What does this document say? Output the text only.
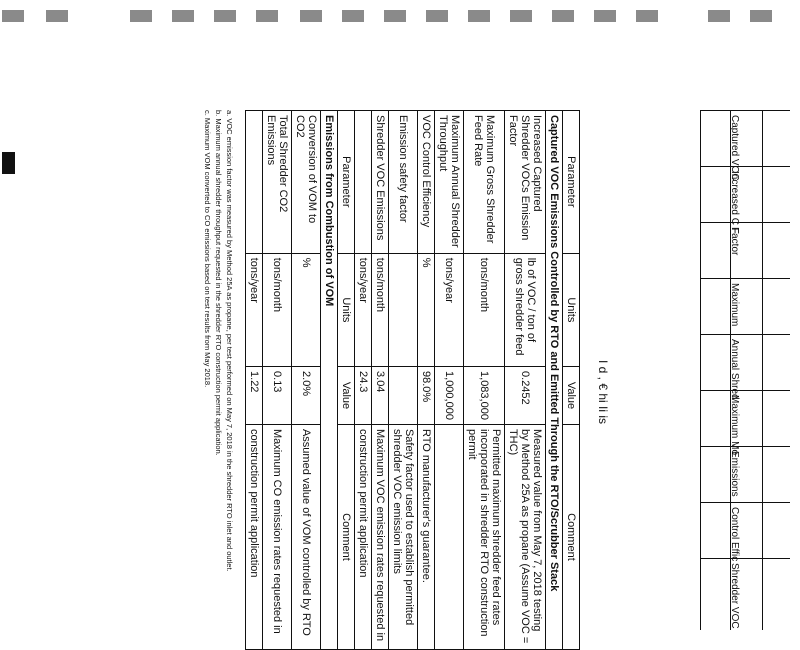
I d , € hi Ii is
Parameter	Units	Value	Comment
Captured VOC Emissions Controlled by RTO and Emitted Through the RTO/Scrubber Stack			
Increased Captured Shredder VOCs Emission Factor	lb of VOC / ton of gross shredder feed	0.2452	Measured value from May 7, 2018 testing by Method 25A as propane (Assume VOC = THC)
Maximum Gross Shredder Feed Rate	tons/month	1,083,000	Permitted maximum shredder feed rates incorporated in shredder RTO construction permit
Maximum Annual Shredder Throughput	tons/year	1,000,000	
VOC Control Efficiency	%	98.0%	RTO manufacturer's guarantee.
Emission safety factor			Safety factor used to establish permitted shredder VOC emission limits
Shredder VOC Emissions	tons/month	3.04	Maximum VOC emission rates requested in
	tons/year	24.3	construction permit application
Parameter	Units	Value	Comment
Emissions from Combustion of VOM			
Conversion of VOM to CO2	%	2.0%	Assumed value of VOM controlled by RTO
Total Shredder CO2 Emissions	tons/month	0.13	Maximum CO emission rates requested in
	tons/year	1.22	construction permit application
a. VOC emission factor was measured by Method 25A as propane, per test performed on May 7, 2018 in the shredder RTO inlet and outlet.
b. Maximum annual shredder throughput requested in the shredder RTO construction permit application.
c. Maximum VOM converted to CO emissions based on test results from May 2018.	Captured VOC
Increased C F
Factor
Maximum
Annual Shred
Maximum Mo
Emissions
Control Effic
Shredder VOC
